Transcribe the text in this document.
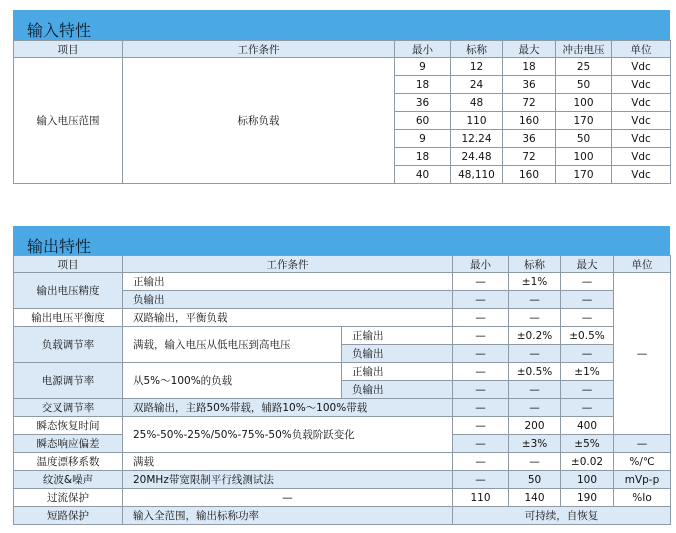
输入特性
项目	工作条件	最小	标称	最大	冲击电压	单位
输入电压范围	标称负载	9	12	18	25	Vdc
		18	24	36	50	Vdc
		36	48	72	100	Vdc
		60	110	160	170	Vdc
		9	12.24	36	50	Vdc
		18	24.48	72	100	Vdc
		40	48,110	160	170	Vdc
输出特性
项目	工作条件		最小	标称	最大	单位	
输出电压精度	正输出		—	±1%	—	—	
	负输出		—	—	—		
输出电压平衡度	双路输出，平衡负载		—	—	—		
负载调节率	满载，输入电压从低电压到高电压	正输出	—	±0.2%	±0.5%		
		负输出	—	—	—		
电源调节率	从5%～100%的负载	正输出	—	±0.5%	±1%		
		负输出	—	—	—		
交叉调节率	双路输出，主路50%带载，辅路10%～100%带载		—	—	—		
瞬态恢复时间	25%-50%-25%/50%-75%-50%负载阶跃变化		—	200	400	
瞬态响应偏差			—	±3%	±5%	—	
温度漂移系数	满载		—	—	±0.02	%/℃	
纹波&噪声	20MHz带宽限制平行线测试法		—	50	100	mVp-p	
过流保护	—		110	140	190	%Io	
短路保护	输入全范围，输出标称功率		可持续，自恢复				
